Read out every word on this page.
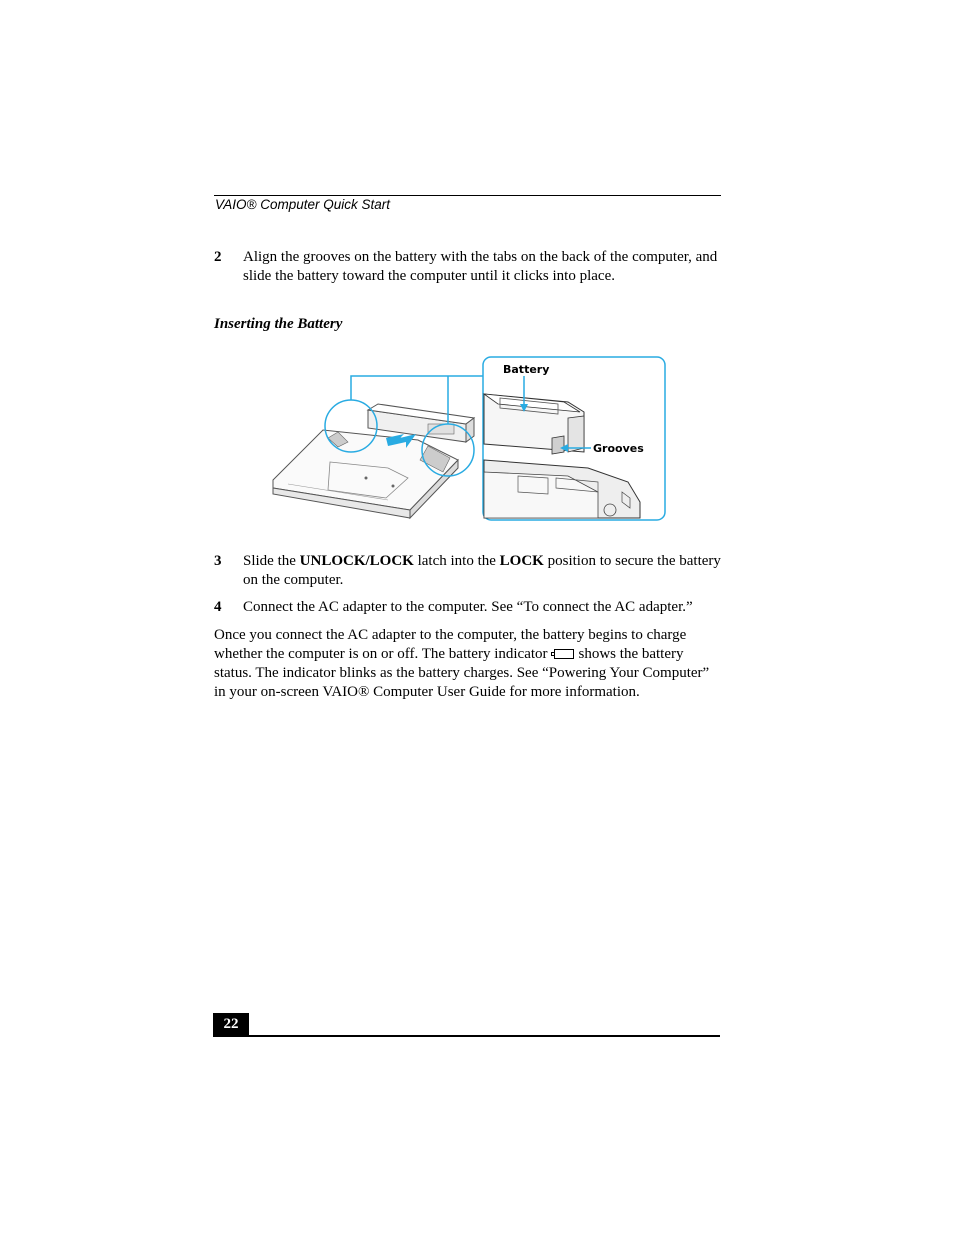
VAIO® Computer Quick Start
2 Align the grooves on the battery with the tabs on the back of the computer, and slide the battery toward the computer until it clicks into place.
Inserting the Battery
Battery
Grooves
3 Slide the UNLOCK/LOCK latch into the LOCK position to secure the battery on the computer.
4 Connect the AC adapter to the computer. See “To connect the AC adapter.”
Once you connect the AC adapter to the computer, the battery begins to charge whether the computer is on or off. The battery indicator shows the battery status. The indicator blinks as the battery charges. See “Powering Your Computer” in your on-screen VAIO® Computer User Guide for more information.
22
